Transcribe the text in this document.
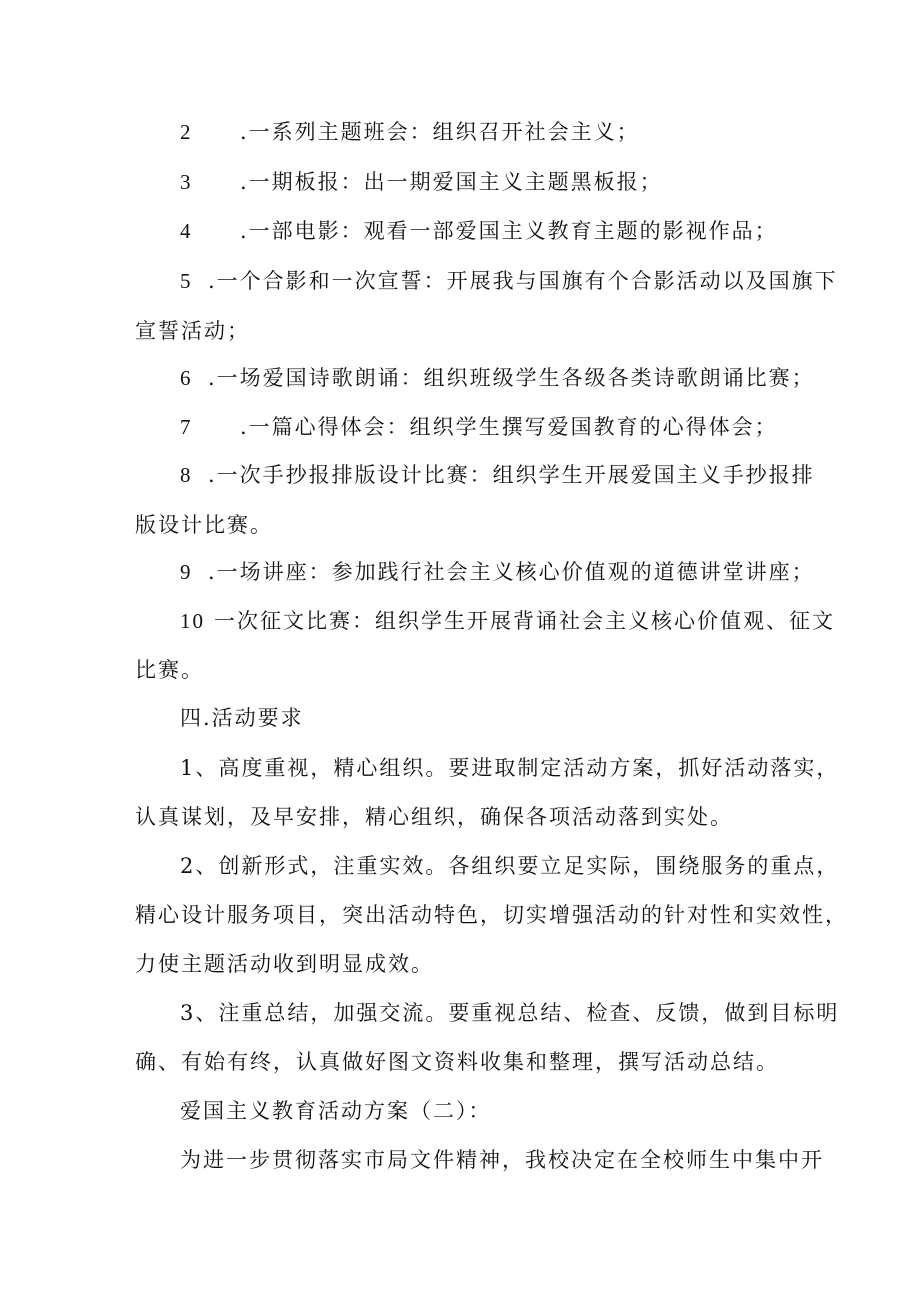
2 .一系列主题班会：组织召开社会主义；
3 .一期板报：出一期爱国主义主题黑板报；
4 .一部电影：观看一部爱国主义教育主题的影视作品；
5 .一个合影和一次宣誓：开展我与国旗有个合影活动以及国旗下
宣誓活动；
6 .一场爱国诗歌朗诵：组织班级学生各级各类诗歌朗诵比赛；
7 .一篇心得体会：组织学生撰写爱国教育的心得体会；
8 .一次手抄报排版设计比赛：组织学生开展爱国主义手抄报排
版设计比赛。
9 .一场讲座：参加践行社会主义核心价值观的道德讲堂讲座；
10 一次征文比赛：组织学生开展背诵社会主义核心价值观、征文
比赛。
四.活动要求
1、高度重视，精心组织。要进取制定活动方案，抓好活动落实，
认真谋划，及早安排，精心组织，确保各项活动落到实处。
2、创新形式，注重实效。各组织要立足实际，围绕服务的重点，
精心设计服务项目，突出活动特色，切实增强活动的针对性和实效性，
力使主题活动收到明显成效。
3、注重总结，加强交流。要重视总结、检查、反馈，做到目标明
确、有始有终，认真做好图文资料收集和整理，撰写活动总结。
爱国主义教育活动方案（二）：
为进一步贯彻落实市局文件精神，我校决定在全校师生中集中开
